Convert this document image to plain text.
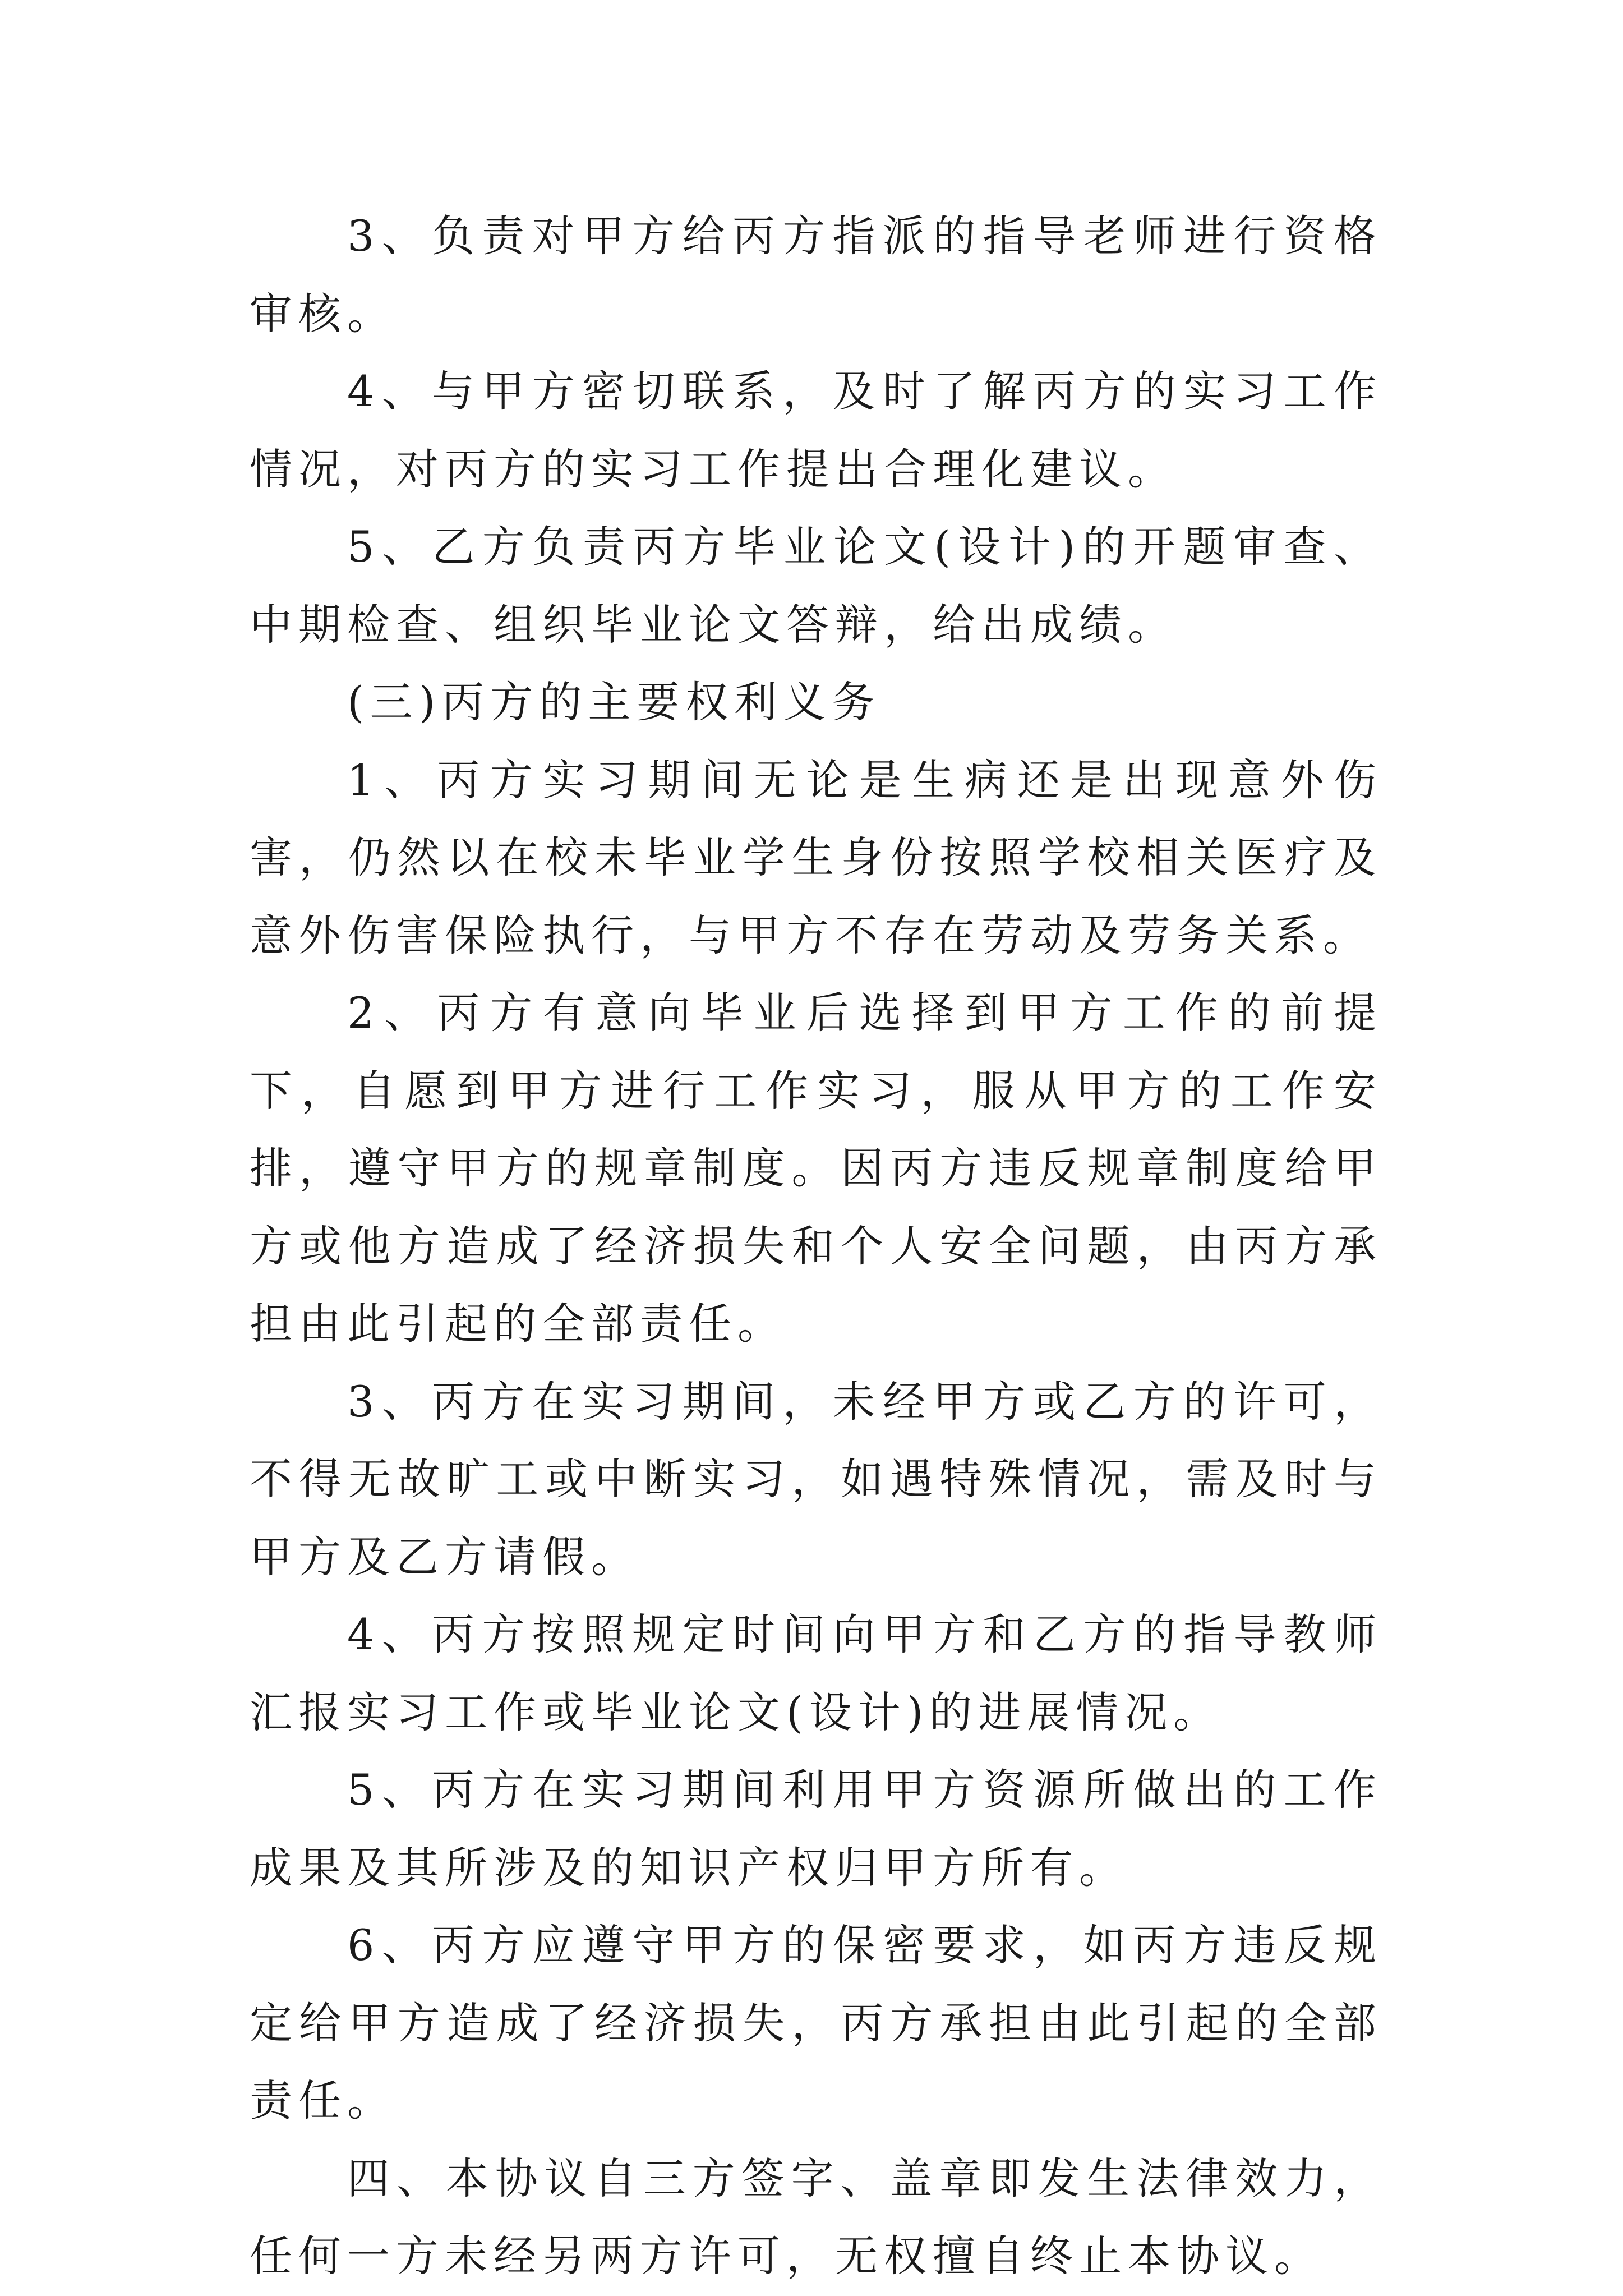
3、负责对甲方给丙方指派的指导老师进行资格审核。

4、与甲方密切联系，及时了解丙方的实习工作情况，对丙方的实习工作提出合理化建议。

5、乙方负责丙方毕业论文(设计)的开题审查、中期检查、组织毕业论文答辩，给出成绩。

(三)丙方的主要权利义务

1、丙方实习期间无论是生病还是出现意外伤害，仍然以在校未毕业学生身份按照学校相关医疗及意外伤害保险执行，与甲方不存在劳动及劳务关系。

2、丙方有意向毕业后选择到甲方工作的前提下，自愿到甲方进行工作实习，服从甲方的工作安排，遵守甲方的规章制度。因丙方违反规章制度给甲方或他方造成了经济损失和个人安全问题，由丙方承担由此引起的全部责任。

3、丙方在实习期间，未经甲方或乙方的许可，不得无故旷工或中断实习，如遇特殊情况，需及时与甲方及乙方请假。

4、丙方按照规定时间向甲方和乙方的指导教师汇报实习工作或毕业论文(设计)的进展情况。

5、丙方在实习期间利用甲方资源所做出的工作成果及其所涉及的知识产权归甲方所有。

6、丙方应遵守甲方的保密要求，如丙方违反规定给甲方造成了经济损失，丙方承担由此引起的全部责任。

四、本协议自三方签字、盖章即发生法律效力，任何一方未经另两方许可，无权擅自终止本协议。
